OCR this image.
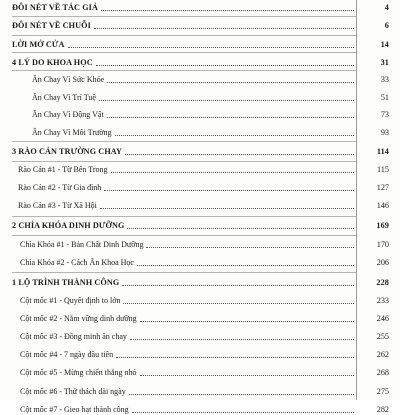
ĐÔI NÉT VỀ TÁC GIẢ	4
ĐÔI NÉT VỀ CHUỖI	6
LỜI MỞ CỬA	14
4 LÝ DO KHOA HỌC	31
Ăn Chay Vì Sức Khỏe	33
Ăn Chay Vì Trí Tuệ	51
Ăn Chay Vì Động Vật	73
Ăn Chay Vì Môi Trường	93
3 RÀO CẢN TRƯỜNG CHAY	114
Rào Cản #1 - Từ Bên Trong	115
Rào Cản #2 - Từ Gia đình	127
Rào Cản #3 - Từ Xã Hội	146
2 CHÌA KHÓA DINH DƯỠNG	169
Chìa Khóa #1 - Bản Chất Dinh Dưỡng	170
Chìa Khóa #2 - Cách Ăn Khoa Học	206
1 LỘ TRÌNH THÀNH CÔNG	228
Cột mốc #1 - Quyết định to lớn	233
Cột mốc #2 - Nắm vững dinh dưỡng	246
Cột mốc #3 - Đồng minh ăn chay	255
Cột mốc #4 - 7 ngày đầu tiên	262
Cột mốc #5 - Mừng chiến thắng nhỏ	268
Cột mốc #6 - Thử thách dài ngày	275
Cột mốc #7 - Gieo hạt thành công	282
